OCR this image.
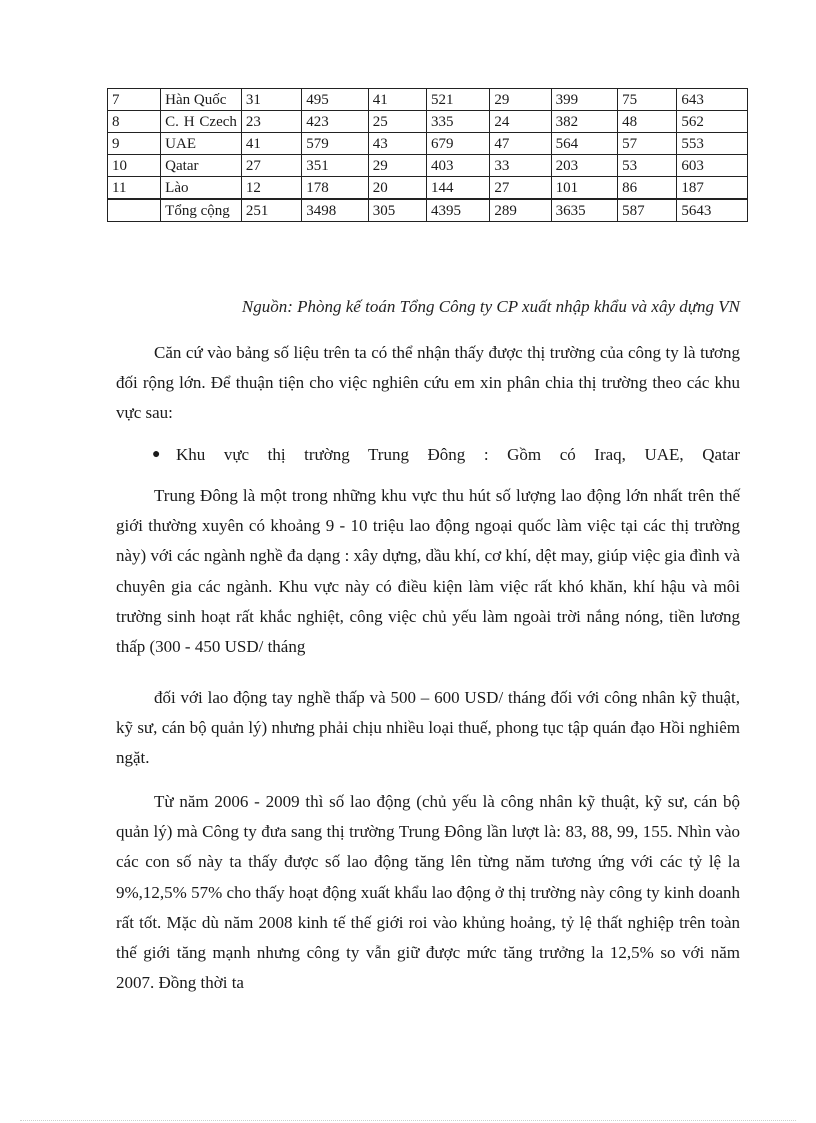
7	Hàn Quốc	31	495	41	521	29	399	75	643
8	C. H Czech	23	423	25	335	24	382	48	562
9	UAE	41	579	43	679	47	564	57	553
10	Qatar	27	351	29	403	33	203	53	603
11	Lào	12	178	20	144	27	101	86	187
	Tổng cộng	251	3498	305	4395	289	3635	587	5643
Nguồn: Phòng kế toán Tổng Công ty CP xuất nhập khẩu và xây dựng VN

Căn cứ vào bảng số liệu trên ta có thể nhận thấy được thị trường của công ty là tương đối rộng lớn. Để thuận tiện cho việc nghiên cứu em xin phân chia thị trường theo các khu vực sau:

● Khu vực thị trường Trung Đông : Gồm có Iraq, UAE, Qatar

Trung Đông là một trong những khu vực thu hút số lượng lao động lớn nhất trên thế giới thường xuyên có khoảng 9 - 10 triệu lao động ngoại quốc làm việc tại các thị trường này) với các ngành nghề đa dạng : xây dựng, dầu khí, cơ khí, dệt may, giúp việc gia đình và chuyên gia các ngành. Khu vực này có điều kiện làm việc rất khó khăn, khí hậu và môi trường sinh hoạt rất khắc nghiệt, công việc chủ yếu làm ngoài trời nắng nóng, tiền lương thấp (300 - 450 USD/ tháng

đối với lao động tay nghề thấp và 500 – 600 USD/ tháng đối với công nhân kỹ thuật, kỹ sư, cán bộ quản lý) nhưng phải chịu nhiều loại thuế, phong tục tập quán đạo Hồi nghiêm ngặt.

Từ năm 2006 - 2009 thì số lao động (chủ yếu là công nhân kỹ thuật, kỹ sư, cán bộ quản lý) mà Công ty đưa sang thị trường Trung Đông lần lượt là: 83, 88, 99, 155. Nhìn vào các con số này ta thấy được số lao động tăng lên từng năm tương ứng với các tỷ lệ la 9%,12,5% 57% cho thấy hoạt động xuất khẩu lao động ở thị trường này công ty kinh doanh rất tốt. Mặc dù năm 2008 kinh tế thế giới roi vào khủng hoảng, tỷ lệ thất nghiệp trên toàn thế giới tăng mạnh nhưng công ty vẫn giữ được mức tăng trưởng la 12,5% so với năm 2007. Đồng thời ta
